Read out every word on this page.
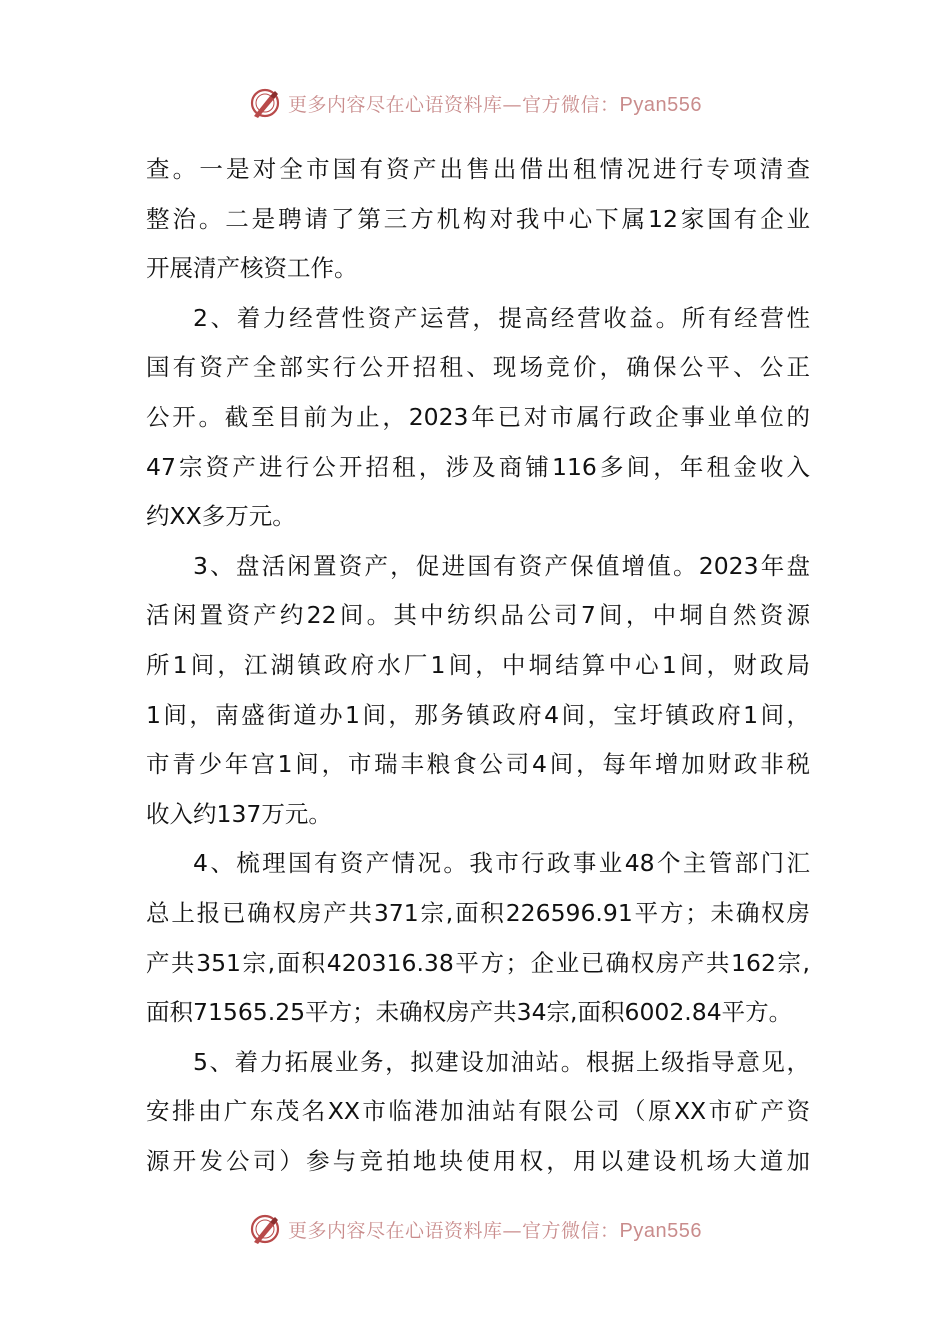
更多内容尽在心语资料库—官方微信：Pyan556
查。一是对全市国有资产出售出借出租情况进行专项清查
整治。二是聘请了第三方机构对我中心下属12家国有企业
开展清产核资工作。
2、着力经营性资产运营，提高经营收益。所有经营性
国有资产全部实行公开招租、现场竞价，确保公平、公正
公开。截至目前为止，2023年已对市属行政企事业单位的
47宗资产进行公开招租，涉及商铺116多间，年租金收入
约XX多万元。
3、盘活闲置资产，促进国有资产保值增值。2023年盘
活闲置资产约22间。其中纺织品公司7间，中垌自然资源
所1间，江湖镇政府水厂1间，中垌结算中心1间，财政局
1间，南盛街道办1间，那务镇政府4间，宝圩镇政府1间，
市青少年宫1间，市瑞丰粮食公司4间，每年增加财政非税
收入约137万元。
4、梳理国有资产情况。我市行政事业48个主管部门汇
总上报已确权房产共371宗,面积226596.91平方；未确权房
产共351宗,面积420316.38平方；企业已确权房产共162宗,
面积71565.25平方；未确权房产共34宗,面积6002.84平方。
5、着力拓展业务，拟建设加油站。根据上级指导意见，
安排由广东茂名XX市临港加油站有限公司（原XX市矿产资
源开发公司）参与竞拍地块使用权，用以建设机场大道加
更多内容尽在心语资料库—官方微信：Pyan556
